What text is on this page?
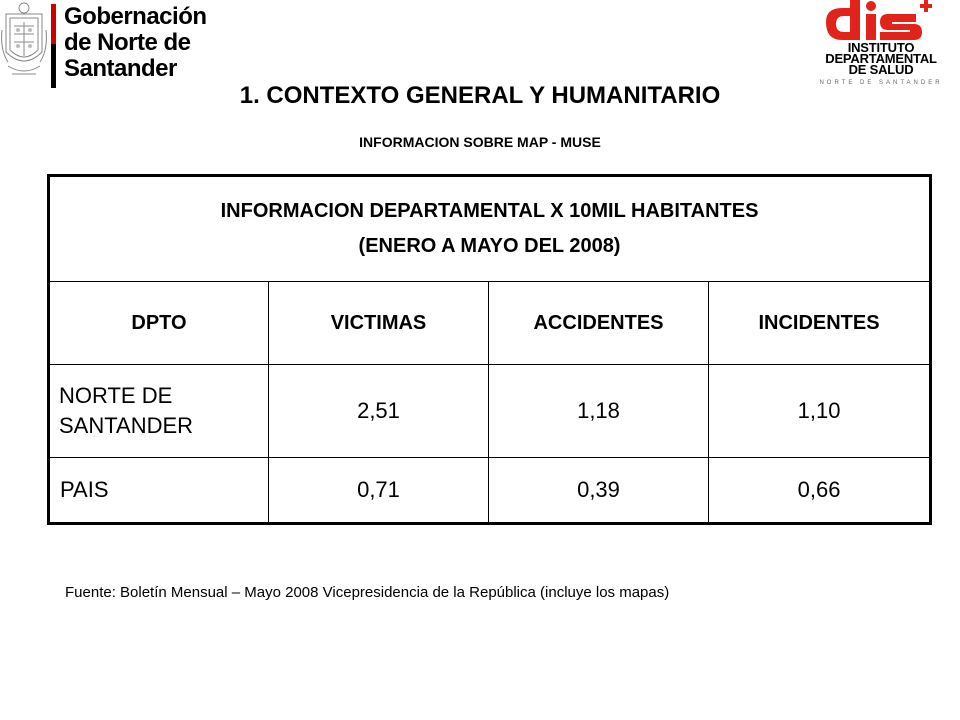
Gobernación
de Norte de
Santander
INSTITUTO
DEPARTAMENTAL
DE SALUD
NORTE DE SANTANDER
1. CONTEXTO GENERAL Y HUMANITARIO
INFORMACION SOBRE MAP - MUSE
INFORMACION DEPARTAMENTAL X 10MIL HABITANTES
(ENERO A MAYO DEL 2008)			

DPTO	VICTIMAS	ACCIDENTES	INCIDENTES

NORTE DE
SANTANDER	2,51	1,18	1,10
PAIS	0,71	0,39	0,66
Fuente: Boletín Mensual – Mayo 2008 Vicepresidencia de la República (incluye los mapas)
